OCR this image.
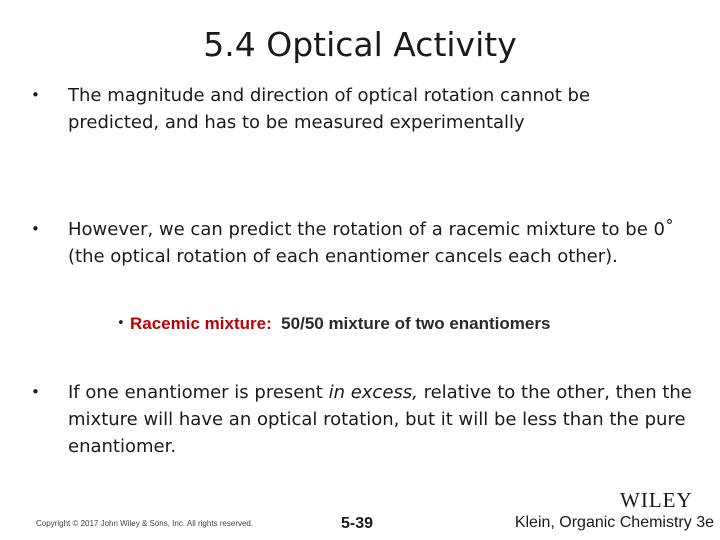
5.4 Optical Activity
• The magnitude and direction of optical rotation cannot be predicted, and has to be measured experimentally
• However, we can predict the rotation of a racemic mixture to be 0˚ (the optical rotation of each enantiomer cancels each other).
• Racemic mixture:  50/50 mixture of two enantiomers
• If one enantiomer is present in excess, relative to the other, then the mixture will have an optical rotation, but it will be less than the pure enantiomer.
WILEY
Copyright © 2017 John Wiley & Sons, Inc. All rights reserved.	5-39	Klein, Organic Chemistry 3e
